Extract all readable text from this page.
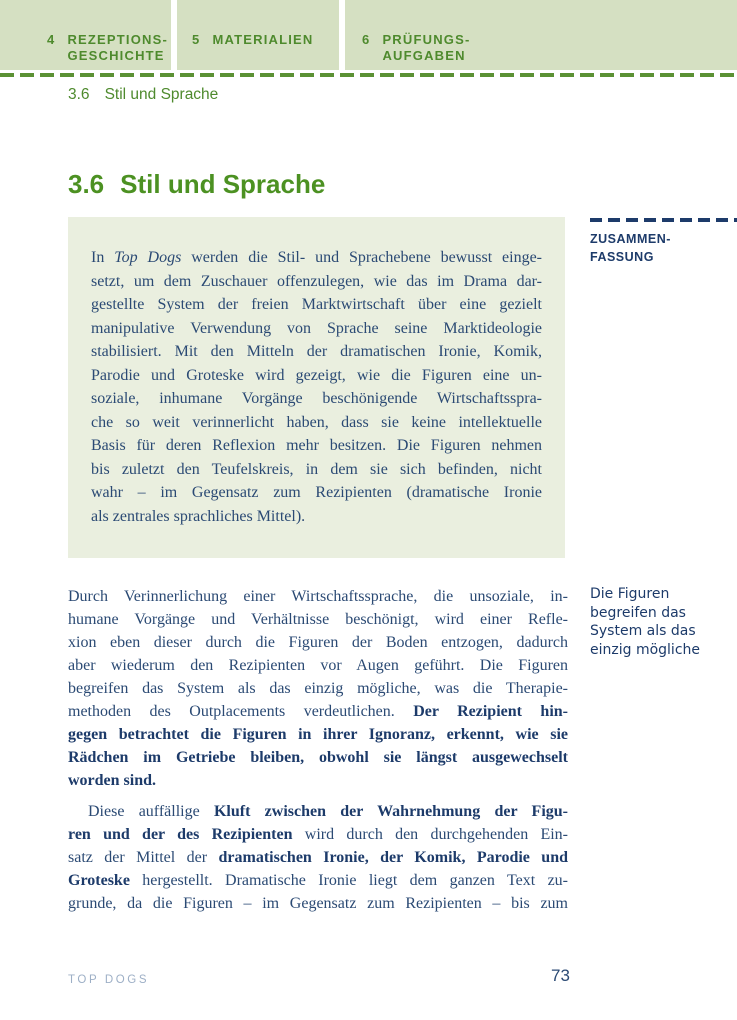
4 REZEPTIONS-
GESCHICHTE
5 MATERIALIEN	6 PRÜFUNGS-
AUFGABEN
3.6 Stil und Sprache
3.6 Stil und Sprache
In Top Dogs werden die Stil- und Sprachebene bewusst einge-
setzt, um dem Zuschauer offenzulegen, wie das im Drama dar-
gestellte System der freien Marktwirtschaft über eine gezielt
manipulative Verwendung von Sprache seine Marktideologie
stabilisiert. Mit den Mitteln der dramatischen Ironie, Komik,
Parodie und Groteske wird gezeigt, wie die Figuren eine un-
soziale, inhumane Vorgänge beschönigende Wirtschaftsspra-
che so weit verinnerlicht haben, dass sie keine intellektuelle
Basis für deren Reflexion mehr besitzen. Die Figuren nehmen
bis zuletzt den Teufelskreis, in dem sie sich befinden, nicht
wahr – im Gegensatz zum Rezipienten (dramatische Ironie
als zentrales sprachliches Mittel).
ZUSAMMEN-
FASSUNG
Durch Verinnerlichung einer Wirtschaftssprache, die unsoziale, in-
humane Vorgänge und Verhältnisse beschönigt, wird einer Refle-
xion eben dieser durch die Figuren der Boden entzogen, dadurch
aber wiederum den Rezipienten vor Augen geführt. Die Figuren
begreifen das System als das einzig mögliche, was die Therapie-
methoden des Outplacements verdeutlichen. Der Rezipient hin-
gegen betrachtet die Figuren in ihrer Ignoranz, erkennt, wie sie
Rädchen im Getriebe bleiben, obwohl sie längst ausgewechselt
worden sind.
Diese auffällige Kluft zwischen der Wahrnehmung der Figu-
ren und der des Rezipienten wird durch den durchgehenden Ein-
satz der Mittel der dramatischen Ironie, der Komik, Parodie und
Groteske hergestellt. Dramatische Ironie liegt dem ganzen Text zu-
grunde, da die Figuren – im Gegensatz zum Rezipienten – bis zum
Die Figuren
begreifen das
System als das
einzig mögliche
TOP DOGS	73
